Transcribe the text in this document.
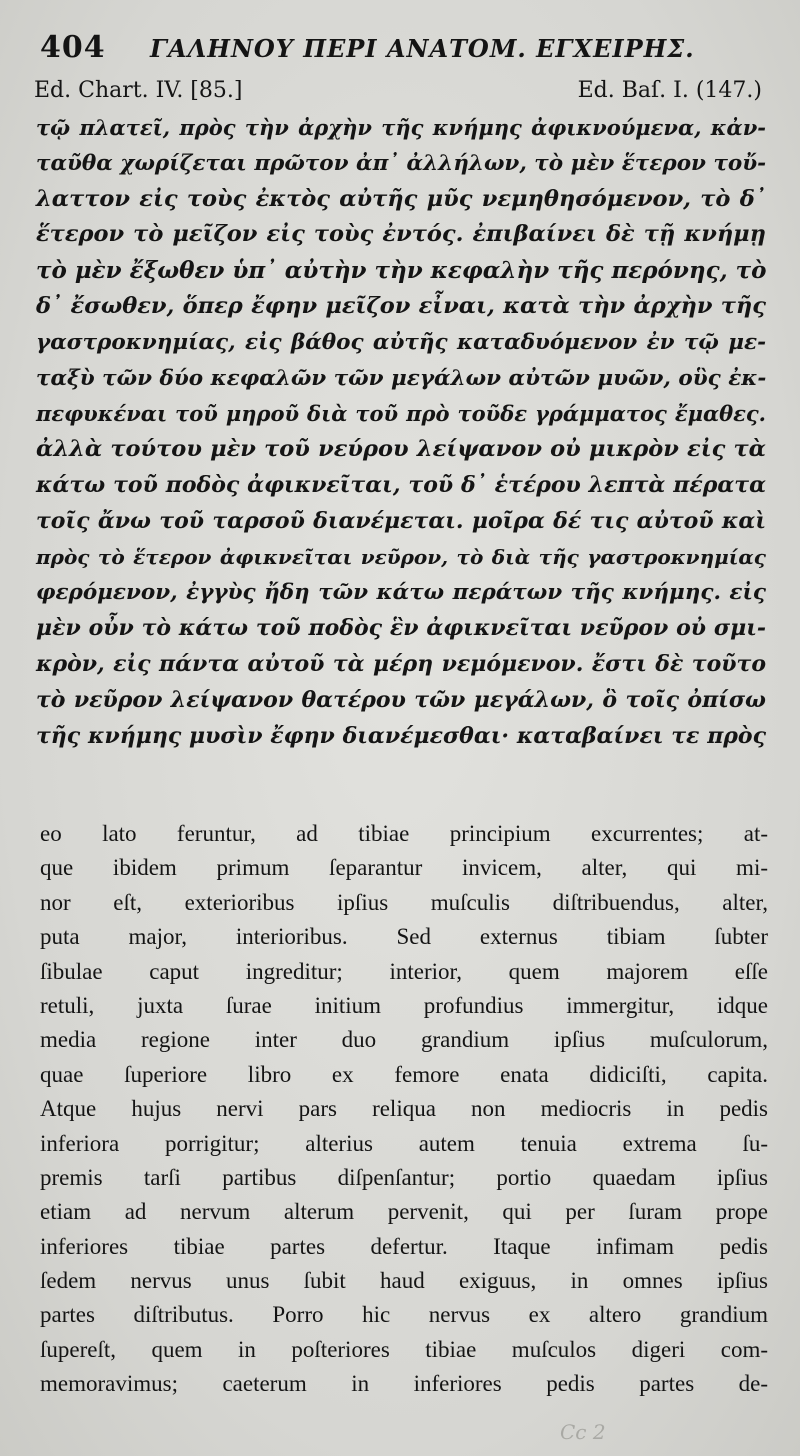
404 ΓΑΛΗΝΟΥ ΠΕΡΙ ΑΝΑΤΟΜ. ΕΓΧΕΙΡΗΣ.
Ed. Chart. IV. [85.]	Ed. Baſ. I. (147.)
τῷ πλατεῖ, πρὸς τὴν ἀρχὴν τῆς κνήμης ἀφικνούμενα, κἀν-
ταῦθα χωρίζεται πρῶτον ἀπ᾽ ἀλλήλων, τὸ μὲν ἕτερον τοὔ-
λαττον εἰς τοὺς ἐκτὸς αὐτῆς μῦς νεμηθησόμενον, τὸ δ᾽
ἕτερον τὸ μεῖζον εἰς τοὺς ἐντός. ἐπιβαίνει δὲ τῇ κνήμῃ
τὸ μὲν ἔξωθεν ὑπ᾽ αὐτὴν τὴν κεφαλὴν τῆς περόνης, τὸ
δ᾽ ἔσωθεν, ὅπερ ἔφην μεῖζον εἶναι, κατὰ τὴν ἀρχὴν τῆς
γαστροκνημίας, εἰς βάθος αὐτῆς καταδυόμενον ἐν τῷ με-
ταξὺ τῶν δύο κεφαλῶν τῶν μεγάλων αὐτῶν μυῶν, οὓς ἐκ-
πεφυκέναι τοῦ μηροῦ διὰ τοῦ πρὸ τοῦδε γράμματος ἔμαθες.
ἀλλὰ τούτου μὲν τοῦ νεύρου λείψανον οὐ μικρὸν εἰς τὰ
κάτω τοῦ ποδὸς ἀφικνεῖται, τοῦ δ᾽ ἑτέρου λεπτὰ πέρατα
τοῖς ἄνω τοῦ ταρσοῦ διανέμεται. μοῖρα δέ τις αὐτοῦ καὶ
πρὸς τὸ ἕτερον ἀφικνεῖται νεῦρον, τὸ διὰ τῆς γαστροκνημίας
φερόμενον, ἐγγὺς ἤδη τῶν κάτω περάτων τῆς κνήμης. εἰς
μὲν οὖν τὸ κάτω τοῦ ποδὸς ἓν ἀφικνεῖται νεῦρον οὐ σμι-
κρὸν, εἰς πάντα αὐτοῦ τὰ μέρη νεμόμενον. ἔστι δὲ τοῦτο
τὸ νεῦρον λείψανον θατέρου τῶν μεγάλων, ὃ τοῖς ὀπίσω
τῆς κνήμης μυσὶν ἔφην διανέμεσθαι· καταβαίνει τε πρὸς
eo lato feruntur, ad tibiae principium excurrentes; at-
que ibidem primum ſeparantur invicem, alter, qui mi-
nor eſt, exterioribus ipſius muſculis diſtribuendus, alter,
puta major, interioribus. Sed externus tibiam ſubter
ſibulae caput ingreditur; interior, quem majorem eſſe
retuli, juxta ſurae initium profundius immergitur, idque
media regione inter duo grandium ipſius muſculorum,
quae ſuperiore libro ex femore enata didiciſti, capita.
Atque hujus nervi pars reliqua non mediocris in pedis
inferiora porrigitur; alterius autem tenuia extrema ſu-
premis tarſi partibus diſpenſantur; portio quaedam ipſius
etiam ad nervum alterum pervenit, qui per ſuram prope
inferiores tibiae partes defertur. Itaque infimam pedis
ſedem nervus unus ſubit haud exiguus, in omnes ipſius
partes diſtributus. Porro hic nervus ex altero grandium
ſupereſt, quem in poſteriores tibiae muſculos digeri com-
memoravimus; caeterum in inferiores pedis partes de-
Cc 2
